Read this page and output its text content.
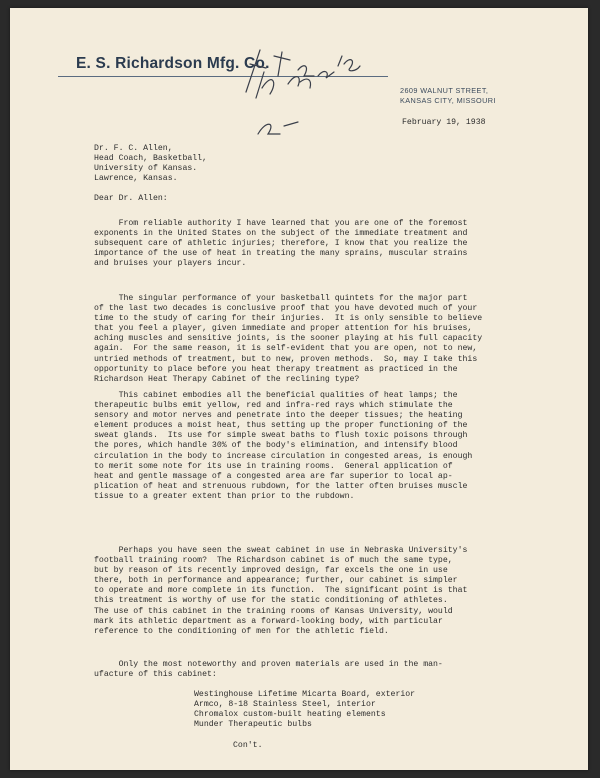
E. S. Richardson Mfg. Co.
2609 WALNUT STREET,
KANSAS CITY, MISSOURI

February 19, 1938

Dr. F. C. Allen,
Head Coach, Basketball,
University of Kansas.
Lawrence, Kansas.

Dear Dr. Allen:

From reliable authority I have learned that you are one of the foremost
exponents in the United States on the subject of the immediate treatment and
subsequent care of athletic injuries; therefore, I know that you realize the
importance of the use of heat in treating the many sprains, muscular strains
and bruises your players incur.
The singular performance of your basketball quintets for the major part
of the last two decades is conclusive proof that you have devoted much of your
time to the study of caring for their injuries.  It is only sensible to believe
that you feel a player, given immediate and proper attention for his bruises,
aching muscles and sensitive joints, is the sooner playing at his full capacity
again.  For the same reason, it is self-evident that you are open, not to new,
untried methods of treatment, but to new, proven methods.  So, may I take this
opportunity to place before you heat therapy treatment as practiced in the
Richardson Heat Therapy Cabinet of the reclining type?
This cabinet embodies all the beneficial qualities of heat lamps; the
therapeutic bulbs emit yellow, red and infra-red rays which stimulate the
sensory and motor nerves and penetrate into the deeper tissues; the heating
element produces a moist heat, thus setting up the proper functioning of the
sweat glands.  Its use for simple sweat baths to flush toxic poisons through
the pores, which handle 30% of the body's elimination, and intensify blood
circulation in the body to increase circulation in congested areas, is enough
to merit some note for its use in training rooms.  General application of
heat and gentle massage of a congested area are far superior to local ap-
plication of heat and strenuous rubdown, for the latter often bruises muscle
tissue to a greater extent than prior to the rubdown.
Perhaps you have seen the sweat cabinet in use in Nebraska University's
football training room?  The Richardson cabinet is of much the same type,
but by reason of its recently improved design, far excels the one in use
there, both in performance and appearance; further, our cabinet is simpler
to operate and more complete in its function.  The significant point is that
this treatment is worthy of use for the static conditioning of athletes.
The use of this cabinet in the training rooms of Kansas University, would
mark its athletic department as a forward-looking body, with particular
reference to the conditioning of men for the athletic field.
Only the most noteworthy and proven materials are used in the man-
ufacture of this cabinet:
Westinghouse Lifetime Micarta Board, exterior
Armco, 8-18 Stainless Steel, interior
Chromalox custom-built heating elements
Munder Therapeutic bulbs

Con't.
